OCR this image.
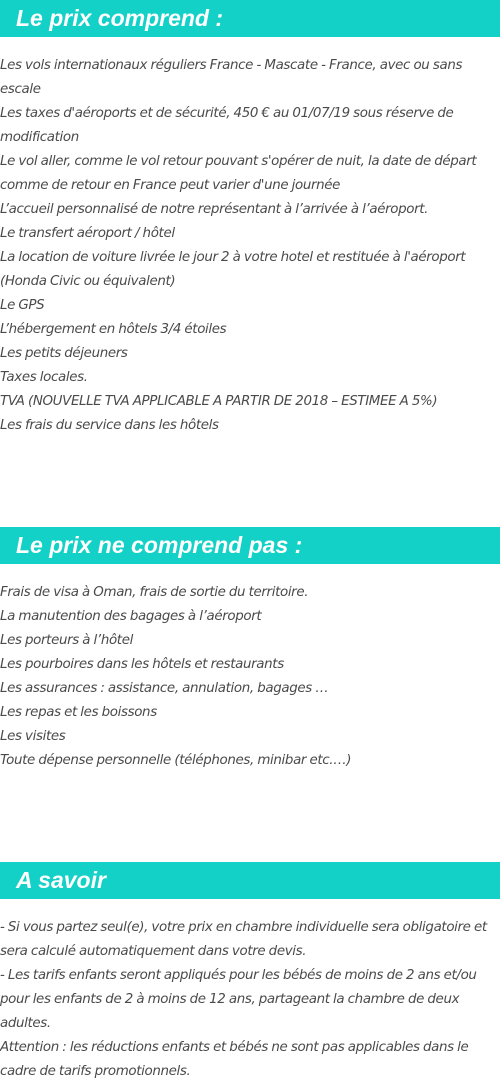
Le prix comprend :
Les vols internationaux réguliers France - Mascate - France, avec ou sans escale
Les taxes d'aéroports et de sécurité, 450 € au 01/07/19 sous réserve de modification
Le vol aller, comme le vol retour pouvant s'opérer de nuit, la date de départ comme de retour en France peut varier d'une journée
L’accueil personnalisé de notre représentant à l’arrivée à l’aéroport.
Le transfert aéroport / hôtel
La location de voiture livrée le jour 2 à votre hotel et restituée à l'aéroport (Honda Civic ou équivalent)
Le GPS
L’hébergement en hôtels 3/4 étoiles
Les petits déjeuners
Taxes locales.
TVA (NOUVELLE TVA APPLICABLE A PARTIR DE 2018 – ESTIMEE A 5%)
Les frais du service dans les hôtels
Le prix ne comprend pas :
Frais de visa à Oman, frais de sortie du territoire.
La manutention des bagages à l’aéroport
Les porteurs à l’hôtel
Les pourboires dans les hôtels et restaurants
Les assurances : assistance, annulation, bagages …
Les repas et les boissons
Les visites
Toute dépense personnelle (téléphones, minibar etc.…)
A savoir
- Si vous partez seul(e), votre prix en chambre individuelle sera obligatoire et sera calculé automatiquement dans votre devis.
- Les tarifs enfants seront appliqués pour les bébés de moins de 2 ans et/ou pour les enfants de 2 à moins de 12 ans, partageant la chambre de deux adultes.
Attention : les réductions enfants et bébés ne sont pas applicables dans le cadre de tarifs promotionnels.
